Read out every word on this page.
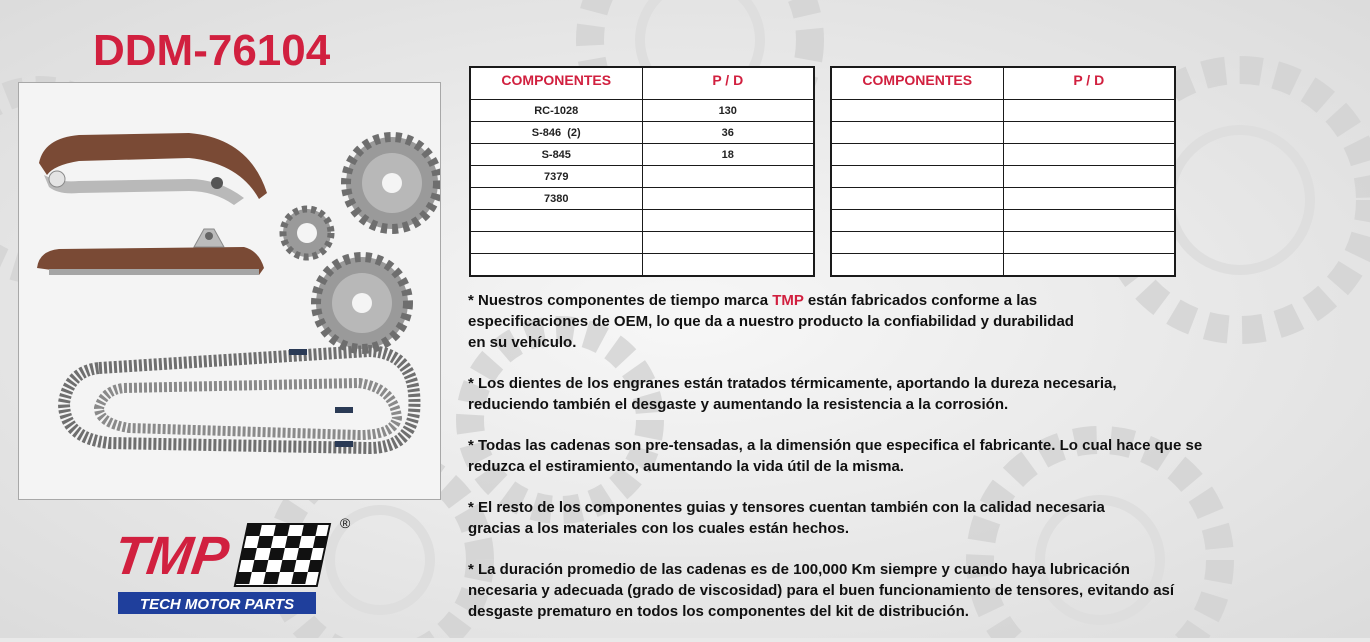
DDM-76104
COMPONENTES	P / D
RC-1028	130
S-846  (2)	36
S-845	18
7379	
7380	

COMPONENTES	P / D

* Nuestros componentes de tiempo marca TMP están fabricados conforme a las
especificaciones de OEM, lo que da a nuestro producto la confiabilidad y durabilidad
en su vehículo.
* Los dientes de los engranes están tratados térmicamente, aportando la dureza necesaria,
reduciendo también el desgaste y aumentando la resistencia a la corrosión.
* Todas las cadenas son pre-tensadas, a la dimensión que especifica el fabricante. Lo cual hace que se
reduzca el estiramiento, aumentando la vida útil de la misma.
* El resto de los componentes guias y tensores cuentan también con la calidad necesaria
gracias a los materiales con los cuales están hechos.
* La duración promedio de las cadenas es de 100,000 Km siempre y cuando haya lubricación
necesaria y adecuada (grado de viscosidad) para el buen funcionamiento de tensores, evitando así
desgaste prematuro en todos los componentes del kit de distribución.
TMP
®
TECH MOTOR PARTS
